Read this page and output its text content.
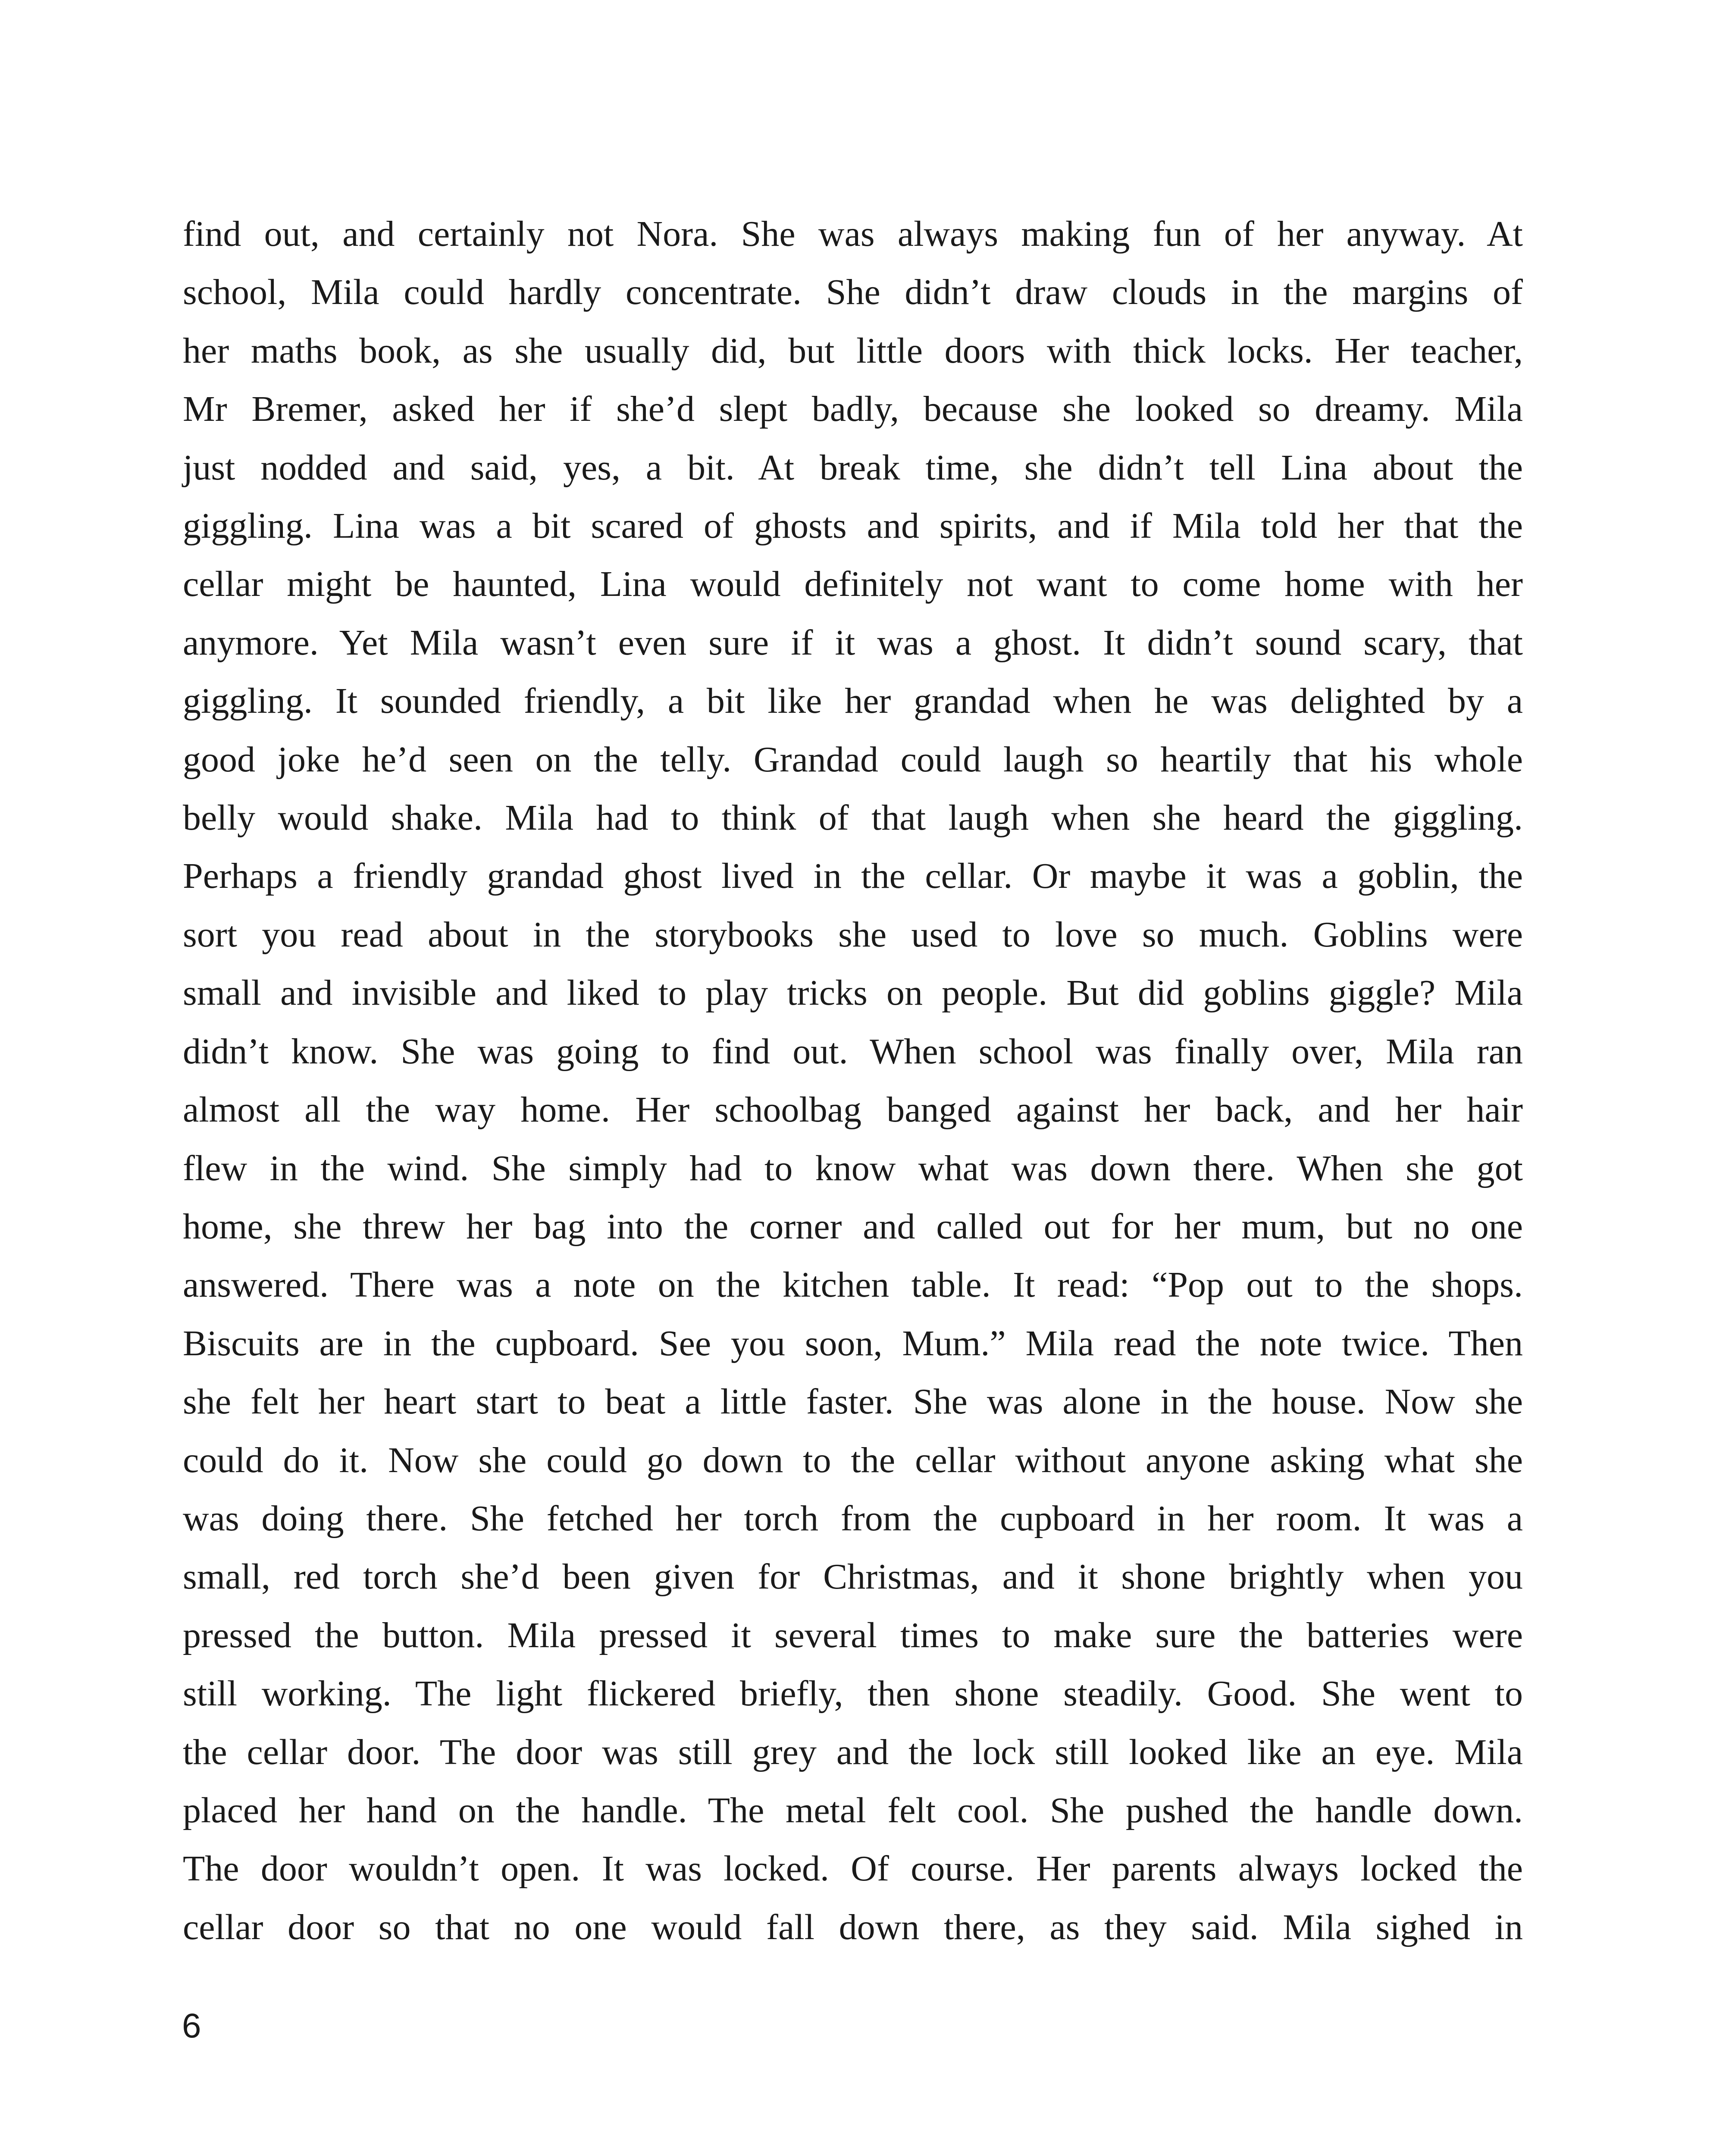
find out, and certainly not Nora. She was always making fun of her anyway. At
school, Mila could hardly concentrate. She didn’t draw clouds in the margins of
her maths book, as she usually did, but little doors with thick locks. Her teacher,
Mr Bremer, asked her if she’d slept badly, because she looked so dreamy. Mila
just nodded and said, yes, a bit. At break time, she didn’t tell Lina about the
giggling. Lina was a bit scared of ghosts and spirits, and if Mila told her that the
cellar might be haunted, Lina would definitely not want to come home with her
anymore. Yet Mila wasn’t even sure if it was a ghost. It didn’t sound scary, that
giggling. It sounded friendly, a bit like her grandad when he was delighted by a
good joke he’d seen on the telly. Grandad could laugh so heartily that his whole
belly would shake. Mila had to think of that laugh when she heard the giggling.
Perhaps a friendly grandad ghost lived in the cellar. Or maybe it was a goblin, the
sort you read about in the storybooks she used to love so much. Goblins were
small and invisible and liked to play tricks on people. But did goblins giggle? Mila
didn’t know. She was going to find out. When school was finally over, Mila ran
almost all the way home. Her schoolbag banged against her back, and her hair
flew in the wind. She simply had to know what was down there. When she got
home, she threw her bag into the corner and called out for her mum, but no one
answered. There was a note on the kitchen table. It read: “Pop out to the shops.
Biscuits are in the cupboard. See you soon, Mum.” Mila read the note twice. Then
she felt her heart start to beat a little faster. She was alone in the house. Now she
could do it. Now she could go down to the cellar without anyone asking what she
was doing there. She fetched her torch from the cupboard in her room. It was a
small, red torch she’d been given for Christmas, and it shone brightly when you
pressed the button. Mila pressed it several times to make sure the batteries were
still working. The light flickered briefly, then shone steadily. Good. She went to
the cellar door. The door was still grey and the lock still looked like an eye. Mila
placed her hand on the handle. The metal felt cool. She pushed the handle down.
The door wouldn’t open. It was locked. Of course. Her parents always locked the
cellar door so that no one would fall down there, as they said. Mila sighed in
6
